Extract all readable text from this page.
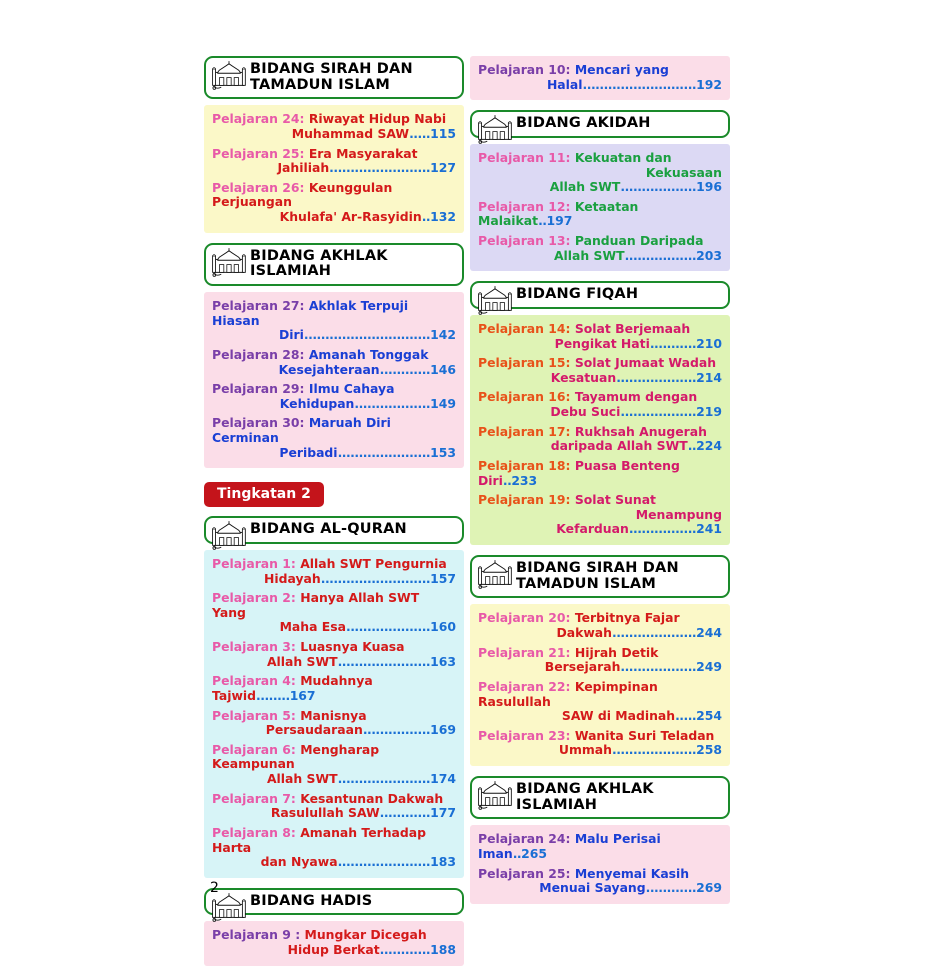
BIDANG SIRAH DAN TAMADUN ISLAM
Pelajaran 24: Riwayat Hidup Nabi
Muhammad SAW.....115
Pelajaran 25: Era Masyarakat
Jahiliah........................127
Pelajaran 26: Keunggulan Perjuangan
Khulafa' Ar-Rasyidin..132
BIDANG AKHLAK ISLAMIAH
Pelajaran 27: Akhlak Terpuji Hiasan
Diri..............................142
Pelajaran 28: Amanah Tonggak
Kesejahteraan............146
Pelajaran 29: Ilmu Cahaya
Kehidupan..................149
Pelajaran 30: Maruah Diri Cerminan
Peribadi......................153
Tingkatan 2
BIDANG AL-QURAN
Pelajaran 1: Allah SWT Pengurnia
Hidayah..........................157
Pelajaran 2: Hanya Allah SWT Yang
Maha Esa....................160
Pelajaran 3: Luasnya Kuasa
Allah SWT......................163
Pelajaran 4: Mudahnya Tajwid........167
Pelajaran 5: Manisnya
Persaudaraan................169
Pelajaran 6: Mengharap Keampunan
Allah SWT......................174
Pelajaran 7: Kesantunan Dakwah
Rasulullah SAW............177
Pelajaran 8: Amanah Terhadap Harta
dan Nyawa......................183
BIDANG HADIS
Pelajaran 9 : Mungkar Dicegah
Hidup Berkat............188
Pelajaran 10: Mencari yang
Halal...........................192
BIDANG AKIDAH
Pelajaran 11: Kekuatan dan
Kekuasaan
Allah SWT..................196
Pelajaran 12: Ketaatan Malaikat..197
Pelajaran 13: Panduan Daripada
Allah SWT.................203
BIDANG FIQAH
Pelajaran 14: Solat Berjemaah
Pengikat Hati...........210
Pelajaran 15: Solat Jumaat Wadah
Kesatuan...................214
Pelajaran 16: Tayamum dengan
Debu Suci..................219
Pelajaran 17: Rukhsah Anugerah
daripada Allah SWT..224
Pelajaran 18: Puasa Benteng Diri..233
Pelajaran 19: Solat Sunat
Menampung
Kefarduan................241
BIDANG SIRAH DAN TAMADUN ISLAM
Pelajaran 20: Terbitnya Fajar
Dakwah....................244
Pelajaran 21: Hijrah Detik
Bersejarah..................249
Pelajaran 22: Kepimpinan Rasulullah
SAW di Madinah.....254
Pelajaran 23: Wanita Suri Teladan
Ummah....................258
BIDANG AKHLAK ISLAMIAH
Pelajaran 24: Malu Perisai Iman..265
Pelajaran 25: Menyemai Kasih
Menuai Sayang............269
2
